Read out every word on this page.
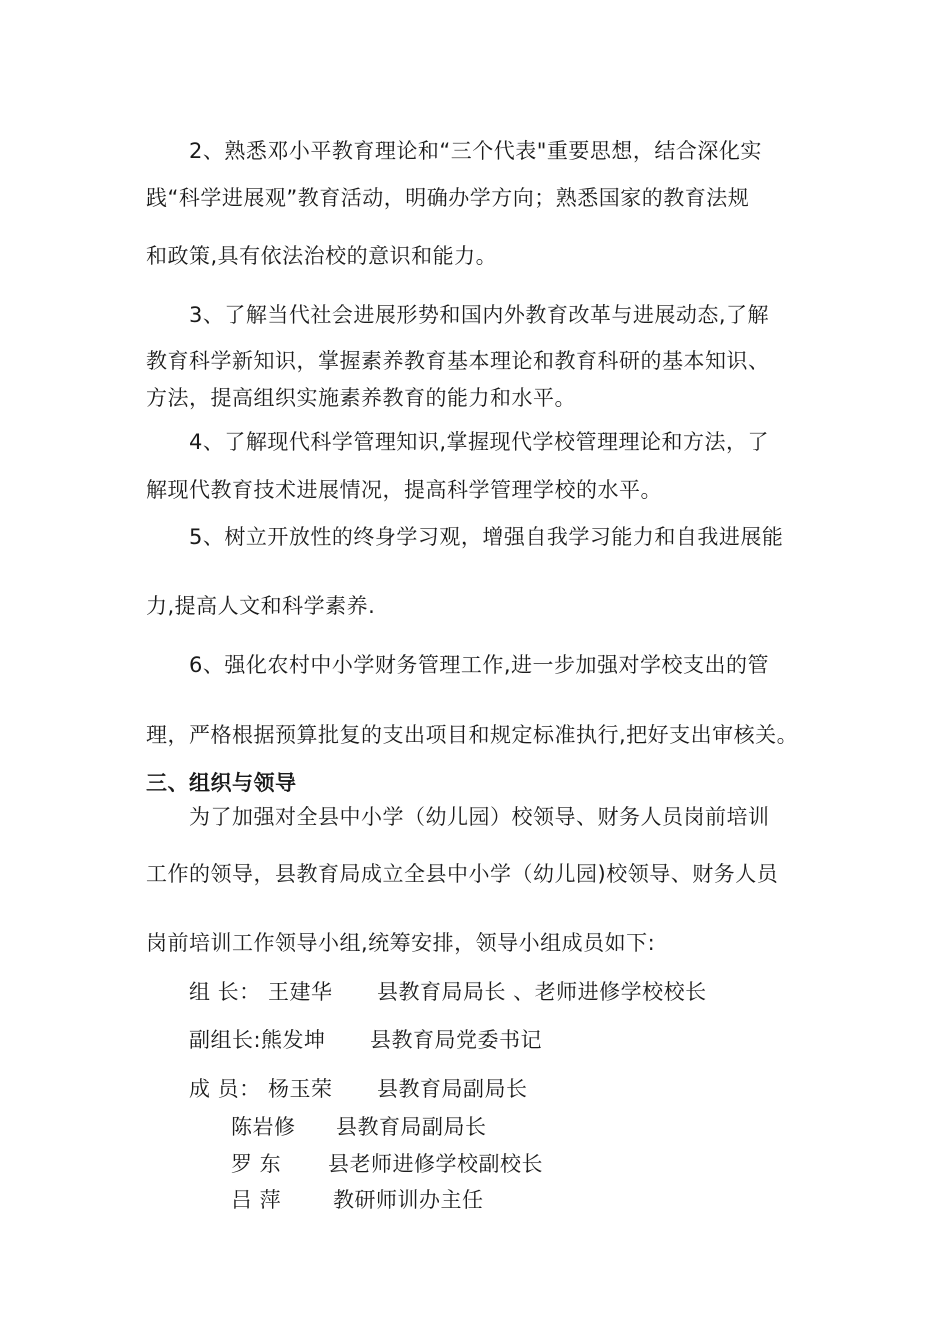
2、熟悉邓小平教育理论和“三个代表"重要思想，结合深化实
践“科学进展观”教育活动，明确办学方向；熟悉国家的教育法规
和政策,具有依法治校的意识和能力。
3、了解当代社会进展形势和国内外教育改革与进展动态,了解
教育科学新知识，掌握素养教育基本理论和教育科研的基本知识、
方法，提高组织实施素养教育的能力和水平。
4、了解现代科学管理知识,掌握现代学校管理理论和方法，了
解现代教育技术进展情况，提高科学管理学校的水平。
5、树立开放性的终身学习观，增强自我学习能力和自我进展能
力,提高人文和科学素养.
6、强化农村中小学财务管理工作,进一步加强对学校支出的管
理，严格根据预算批复的支出项目和规定标准执行,把好支出审核关。
三、组织与领导
为了加强对全县中小学（幼儿园）校领导、财务人员岗前培训
工作的领导，县教育局成立全县中小学（幼儿园)校领导、财务人员
岗前培训工作领导小组,统筹安排，领导小组成员如下:
组 长： 王建华 县教育局局长 、老师进修学校校长
副组长: 熊发坤 县教育局党委书记
成 员： 杨玉荣 县教育局副局长
陈岩修 县教育局副局长
罗 东 县老师进修学校副校长
吕 萍 教研师训办主任
